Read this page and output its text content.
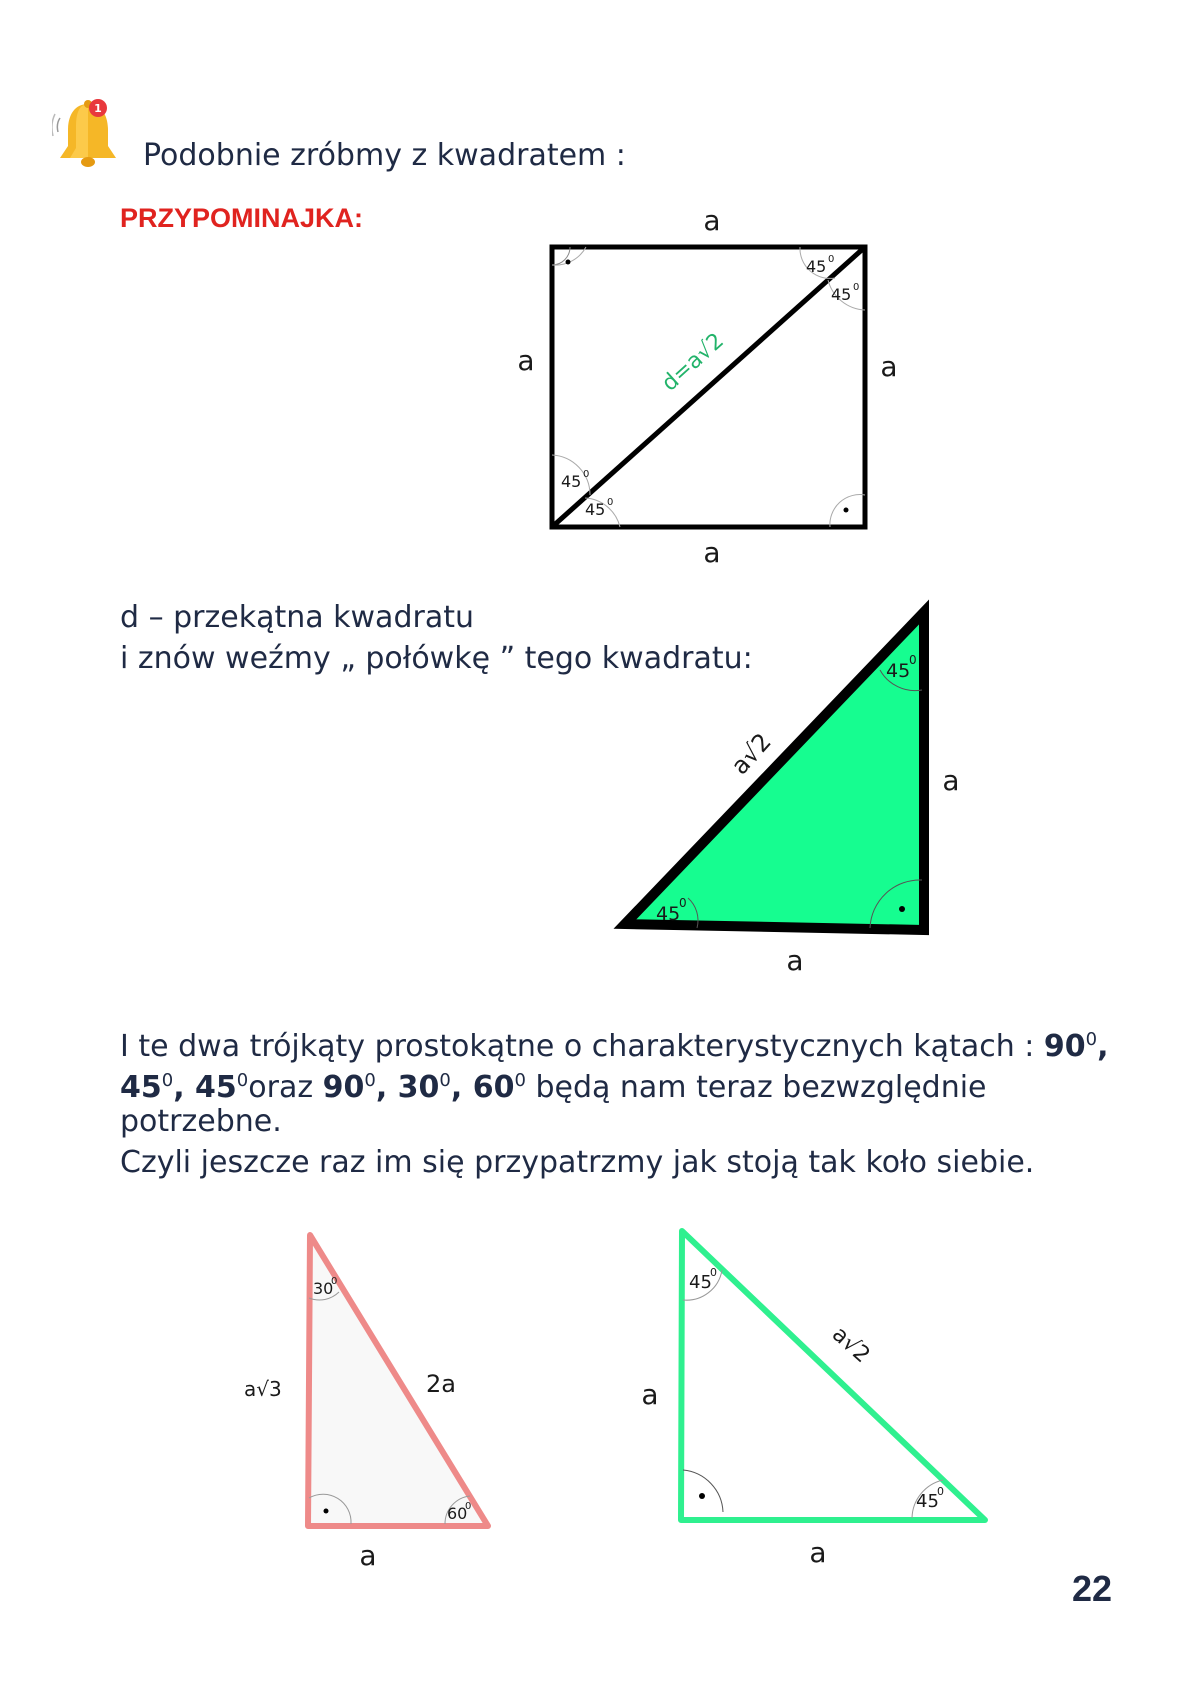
1
Podobnie zróbmy z kwadratem :
PRZYPOMINAJKA:	a
a
a	a
45 0
45 0
45 0
45 0
d=a√2
d – przekątna kwadratu
i znów weźmy „ połówkę ” tego kwadratu:	45
0
45
0
a√2
a
a
I te dwa trójkąty prostokątne o charakterystycznych kątach : $90^0$,
$45^0$, $45^0oraz$ $90^0$, $30^0$, $60^0$ będą nam teraz bezwzględnie
potrzebne.
Czyli jeszcze raz im się przypatrzmy jak stoją tak koło siebie.
30
0
60
0
a√3	2a
a
45
0
45
0
a
a√2
a
22
